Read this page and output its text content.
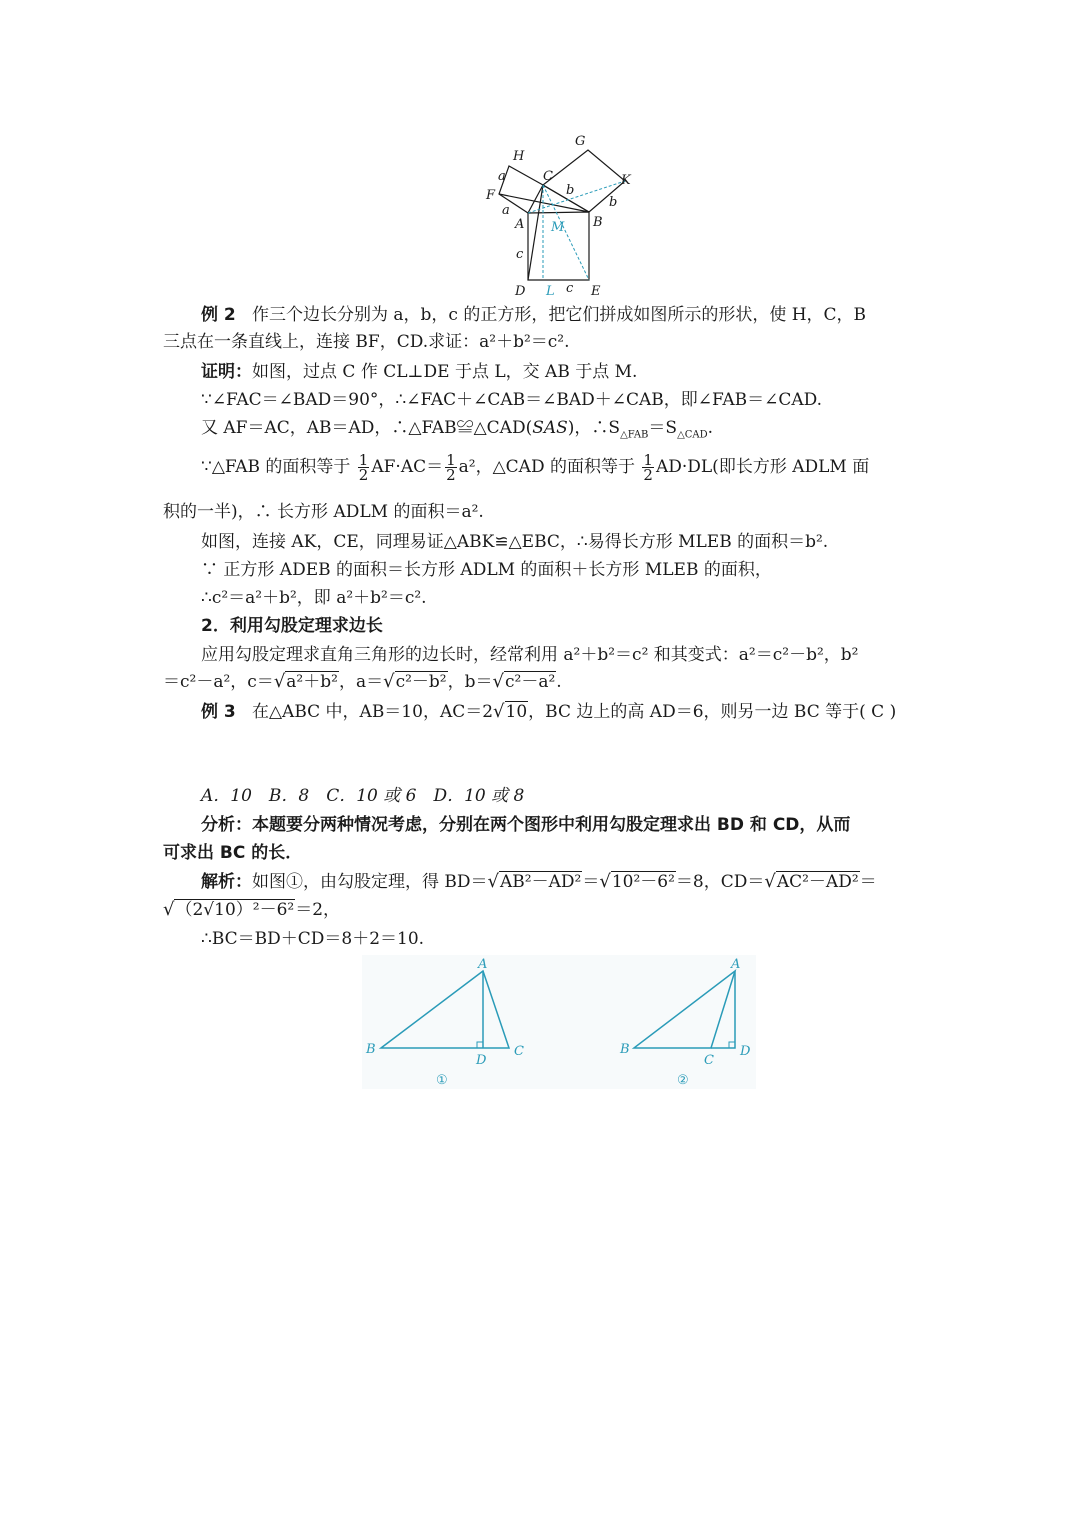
G
H
C	K
a
F	b
a
A	B
b
M
c
D L c E
例 2 作三个边长分别为 a，b，c 的正方形，把它们拼成如图所示的形状，使 H，C，B
三点在一条直线上，连接 BF，CD.求证：a²＋b²＝c².
证明：如图，过点 C 作 CL⊥DE 于点 L，交 AB 于点 M.
∵∠FAC＝∠BAD＝90°，∴∠FAC＋∠CAB＝∠BAD＋∠CAB，即∠FAB＝∠CAD.
又 AF＝AC，AB＝AD，∴△FAB≌△CAD(SAS)，$\therefore S_{\triangle FAB}=S_{\triangle CAD}$.
∵△FAB 的面积等于 $\frac{1}{2} AF\cdot AC= \frac{1}{2} a^2$，△CAD 的面积等于 $\frac{1}{2} AD\cdot DL$(即长方形 ADLM 面
积的一半)，∴ 长方形 ADLM 的面积＝a².
如图，连接 AK，CE，同理易证△ABK≌△EBC，∴易得长方形 MLEB 的面积＝b².
∵ 正方形 ADEB 的面积＝长方形 ADLM 的面积＋长方形 MLEB 的面积，
∴c²＝a²＋b²，即 a²＋b²＝c².
2．利用勾股定理求边长
应用勾股定理求直角三角形的边长时，经常利用 a²＋b²＝c² 和其变式：a²＝c²－b²，b²
＝c²－a²，c＝√a²＋b²，a＝√c²－b²，b＝√c²－a².
例 3 在△ABC 中，AB＝10，AC＝2√10，BC 边上的高 AD＝6，则另一边 BC 等于( C )
A．10　B．8　C．10 或 6　D．10 或 8
分析：本题要分两种情况考虑，分别在两个图形中利用勾股定理求出 BD 和 CD，从而
可求出 BC 的长．
解析：如图①，由勾股定理，得 BD＝√AB²－AD²＝√10²－6²＝8，CD＝√AC²－AD²＝
√（2√10）²－6²＝2，
∴BC＝BD＋CD＝8＋2＝10.
A
B
D
C
①
A
B
C
D
②
